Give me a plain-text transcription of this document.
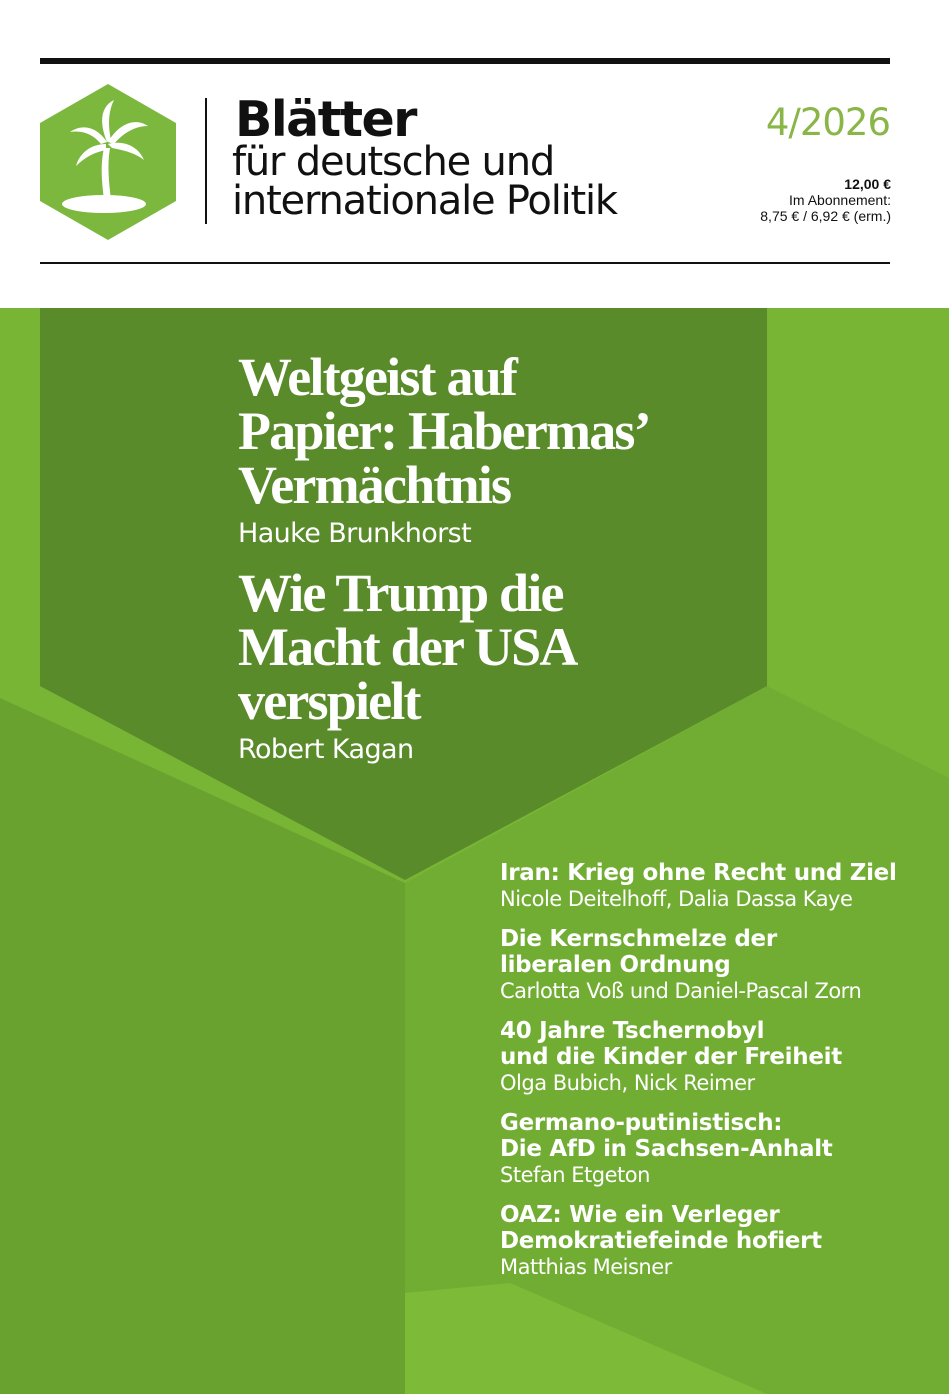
Blätter
für deutsche und
internationale Politik
4/2026
12,00 €
Im Abonnement:
8,75 € / 6,92 € (erm.)
Weltgeist auf
Papier: Habermas’
Vermächtnis
Hauke Brunkhorst
Wie Trump die
Macht der USA
verspielt
Robert Kagan
Iran: Krieg ohne Recht und Ziel
Nicole Deitelhoff, Dalia Dassa Kaye
Die Kernschmelze der
liberalen Ordnung
Carlotta Voß und Daniel-Pascal Zorn
40 Jahre Tschernobyl
und die Kinder der Freiheit
Olga Bubich, Nick Reimer
Germano-putinistisch:
Die AfD in Sachsen-Anhalt
Stefan Etgeton
OAZ: Wie ein Verleger
Demokratiefeinde hofiert
Matthias Meisner
